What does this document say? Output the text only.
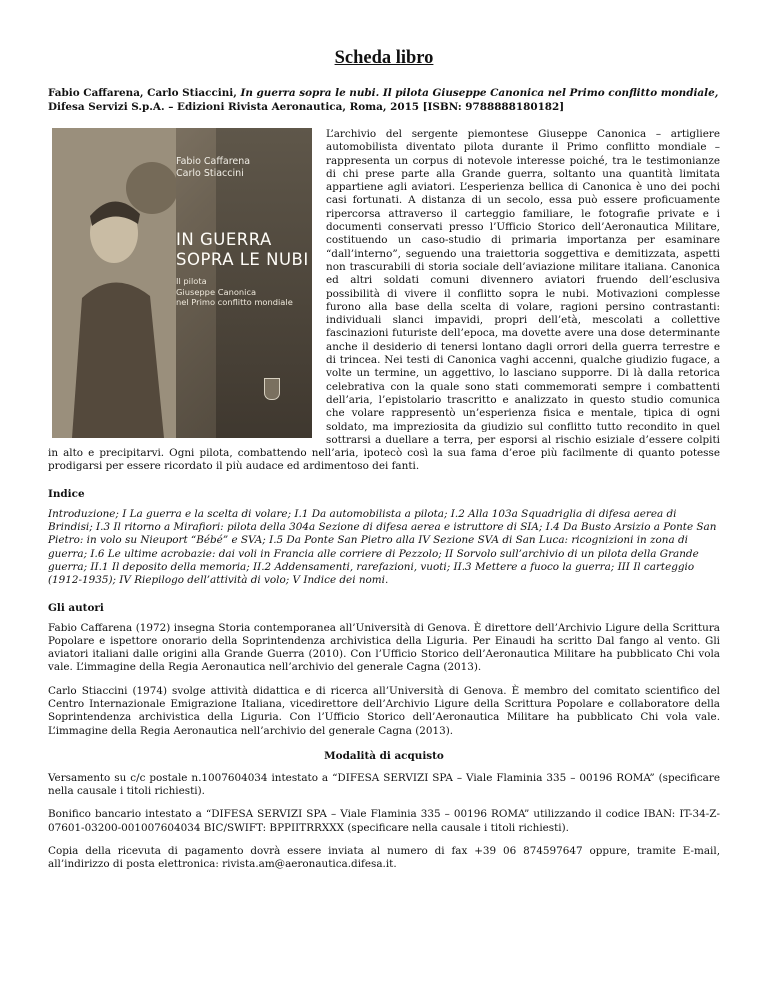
Scheda libro

Fabio Caffarena, Carlo Stiaccini, In guerra sopra le nubi. Il pilota Giuseppe Canonica nel Primo conflitto mondiale, Difesa Servizi S.p.A. – Edizioni Rivista Aeronautica, Roma, 2015 [ISBN: 9788888180182]

Fabio Caffarena
Carlo Stiaccini
IN GUERRA
SOPRA LE NUBI
Il pilota
Giuseppe Canonica
nel Primo conflitto mondiale

L’archivio del sergente piemontese Giuseppe Canonica – artigliere automobilista diventato pilota durante il Primo conflitto mondiale – rappresenta un corpus di notevole interesse poiché, tra le testimonianze di chi prese parte alla Grande guerra, soltanto una quantità limitata appartiene agli aviatori. L’esperienza bellica di Canonica è uno dei pochi casi fortunati. A distanza di un secolo, essa può essere proficuamente ripercorsa attraverso il carteggio familiare, le fotografie private e i documenti conservati presso l’Ufficio Storico dell’Aeronautica Militare, costituendo un caso-studio di primaria importanza per esaminare “dall’interno”, seguendo una traiettoria soggettiva e demitizzata, aspetti non trascurabili di storia sociale dell’aviazione militare italiana. Canonica ed altri soldati comuni divennero aviatori fruendo dell’esclusiva possibilità di vivere il conflitto sopra le nubi. Motivazioni complesse furono alla base della scelta di volare, ragioni persino contrastanti: individuali slanci impavidi, propri dell’età, mescolati a collettive fascinazioni futuriste dell’epoca, ma dovette avere una dose determinante anche il desiderio di tenersi lontano dagli orrori della guerra terrestre e di trincea. Nei testi di Canonica vaghi accenni, qualche giudizio fugace, a volte un termine, un aggettivo, lo lasciano supporre. Di là dalla retorica celebrativa con la quale sono stati commemorati sempre i combattenti dell’aria, l’epistolario trascritto e analizzato in questo studio comunica che volare rappresentò un’esperienza fisica e mentale, tipica di ogni soldato, ma impreziosita da giudizio sul conflitto tutto recondito in quel sottrarsi a duellare a terra, per esporsi al rischio esiziale d’essere colpiti in alto e precipitarvi. Ogni pilota, combattendo nell’aria, ipotecò così la sua fama d’eroe più facilmente di quanto potesse prodigarsi per essere ricordato il più audace ed ardimentoso dei fanti.

Indice

Introduzione; I La guerra e la scelta di volare; I.1 Da automobilista a pilota; I.2 Alla 103a Squadriglia di difesa aerea di Brindisi; I.3 Il ritorno a Mirafiori: pilota della 304a Sezione di difesa aerea e istruttore di SIA; I.4 Da Busto Arsizio a Ponte San Pietro: in volo su Nieuport “Bébé” e SVA; I.5 Da Ponte San Pietro alla IV Sezione SVA di San Luca: ricognizioni in zona di guerra; I.6 Le ultime acrobazie: dai voli in Francia alle corriere di Pezzolo; II Sorvolo sull’archivio di un pilota della Grande guerra; II.1 Il deposito della memoria; II.2 Addensamenti, rarefazioni, vuoti; II.3 Mettere a fuoco la guerra; III Il carteggio (1912-1935); IV Riepilogo dell’attività di volo; V Indice dei nomi.

Gli autori

Fabio Caffarena (1972) insegna Storia contemporanea all’Università di Genova. È direttore dell’Archivio Ligure della Scrittura Popolare e ispettore onorario della Soprintendenza archivistica della Liguria. Per Einaudi ha scritto Dal fango al vento. Gli aviatori italiani dalle origini alla Grande Guerra (2010). Con l’Ufficio Storico dell’Aeronautica Militare ha pubblicato Chi vola vale. L’immagine della Regia Aeronautica nell’archivio del generale Cagna (2013).

Carlo Stiaccini (1974) svolge attività didattica e di ricerca all’Università di Genova. È membro del comitato scientifico del Centro Internazionale Emigrazione Italiana, vicedirettore dell’Archivio Ligure della Scrittura Popolare e collaboratore della Soprintendenza archivistica della Liguria. Con l’Ufficio Storico dell’Aeronautica Militare ha pubblicato Chi vola vale. L’immagine della Regia Aeronautica nell’archivio del generale Cagna (2013).

Modalità di acquisto

Versamento su c/c postale n.1007604034 intestato a “DIFESA SERVIZI SPA – Viale Flaminia 335 – 00196 ROMA” (specificare nella causale i titoli richiesti).

Bonifico bancario intestato a “DIFESA SERVIZI SPA – Viale Flaminia 335 – 00196 ROMA” utilizzando il codice IBAN: IT-34-Z-07601-03200-001007604034 BIC/SWIFT: BPPIITRRXXX (specificare nella causale i titoli richiesti).

Copia della ricevuta di pagamento dovrà essere inviata al numero di fax +39 06 874597647 oppure, tramite E-mail, all’indirizzo di posta elettronica: rivista.am@aeronautica.difesa.it.
